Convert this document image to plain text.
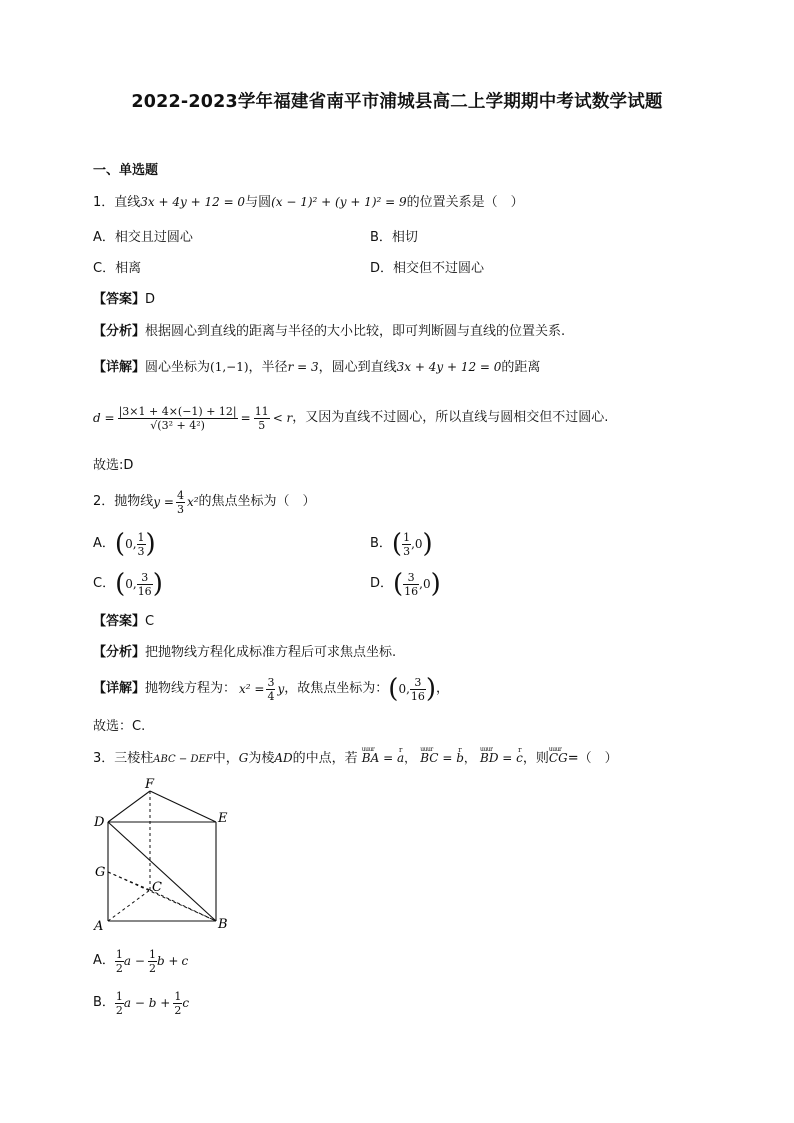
2022-2023学年福建省南平市浦城县高二上学期期中考试数学试题
一、单选题
1．直线3x + 4y + 12 = 0与圆(x − 1)² + (y + 1)² = 9的位置关系是（　）
A．相交且过圆心	B．相切
C．相离	D．相交但不过圆心
【答案】D
【分析】根据圆心到直线的距离与半径的大小比较，即可判断圆与直线的位置关系.
【详解】圆心坐标为(1,−1)，半径r = 3，圆心到直线3x + 4y + 12 = 0的距离
$d = \frac{|3\times 1 + 4\times(-1) + 12|}{\text{√(3² + 4²)}} = \frac{11}{5} < r$ ，又因为直线不过圆心，所以直线与圆相交但不过圆心.
故选:D
2． 抛物线 $y = \frac{4}{3} x^2$ 的焦点坐标为（　）
A． ( 0, $\frac{1}{3}$ )	B． ( $\frac{1}{3} ,0$ )
C． ( 0, $\frac{3}{16}$ )	D． ( $\frac{3}{16} ,0$ )
【答案】C
【分析】把抛物线方程化成标准方程后可求焦点坐标.
【详解】 抛物线方程为： $x^2 = \frac{3}{4}$ y ，故焦点坐标为： ( 0, $\frac{3}{16}$ ) ，
故选：C.
3．三棱柱ABC − DEF中，G为棱AD的中点，若 uuur BA = r a， uuur BC = r b， uuur BD = r c，则uuur CG=（　）
F
D	E
G
C
A	B
A． $\frac{1}{2}$ $a - \frac{1}{2}$ b + c
B． $\frac{1}{2}$ $a - b + \frac{1}{2}$ c
